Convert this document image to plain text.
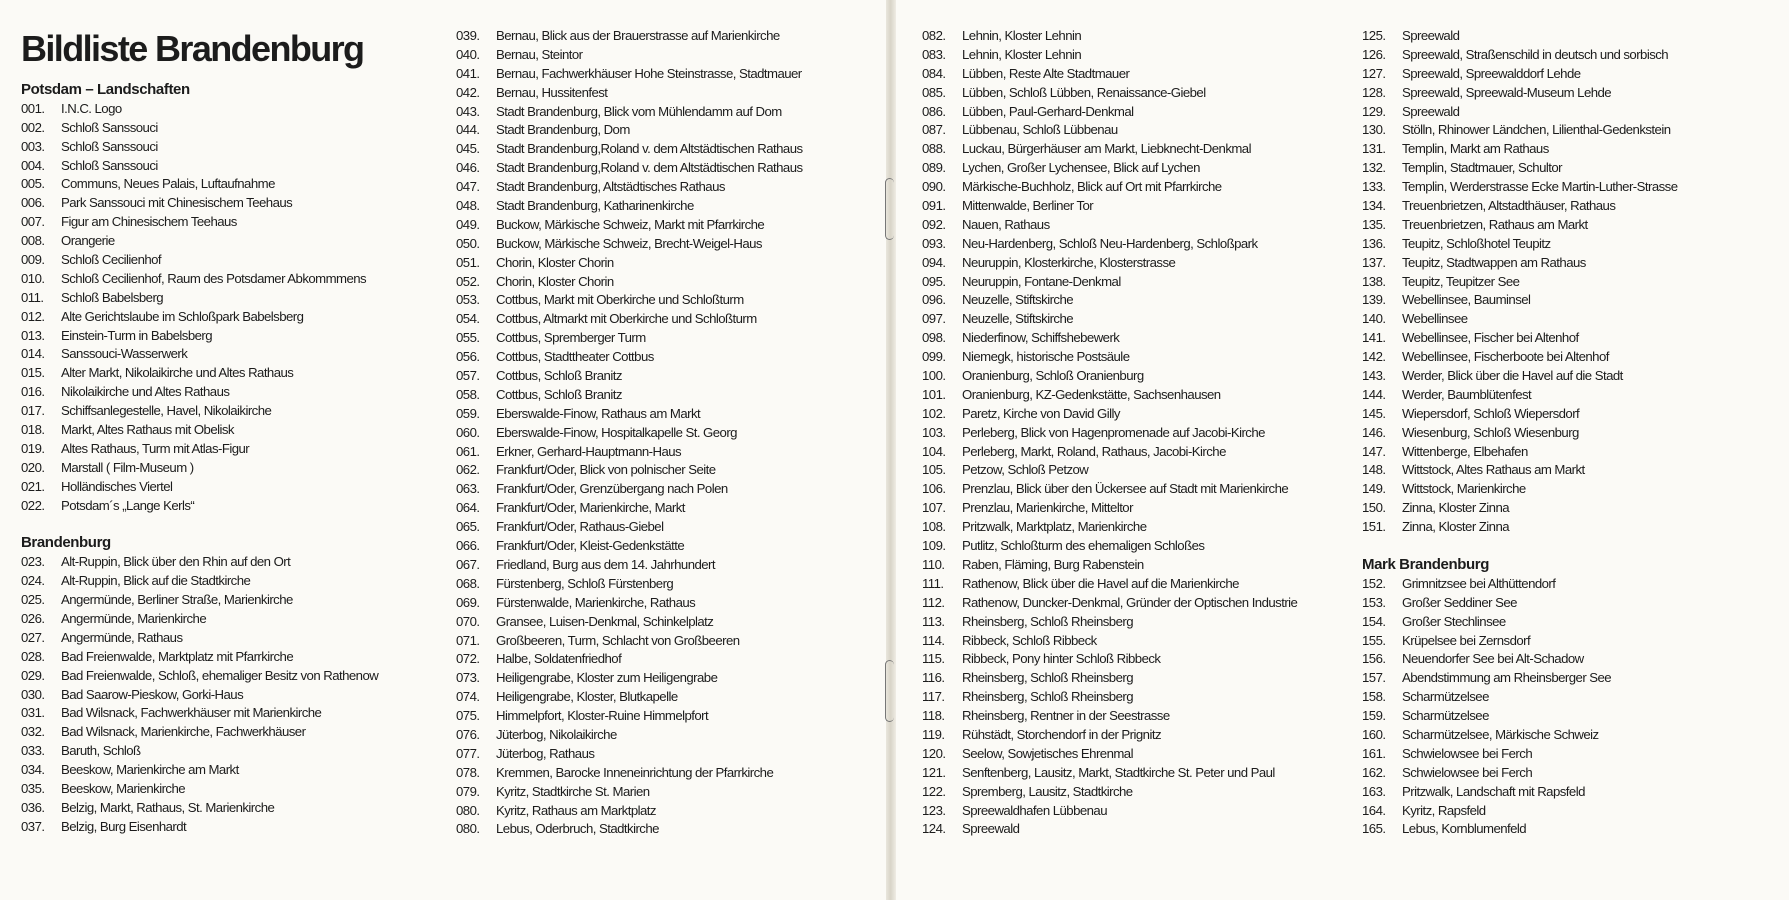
Bildliste Brandenburg
Potsdam – Landschaften
001.	I.N.C. Logo
002.	Schloß Sanssouci
003.	Schloß Sanssouci
004.	Schloß Sanssouci
005.	Communs, Neues Palais, Luftaufnahme
006.	Park Sanssouci mit Chinesischem Teehaus
007.	Figur am Chinesischem Teehaus
008.	Orangerie
009.	Schloß Cecilienhof
010.	Schloß Cecilienhof, Raum des Potsdamer Abkommmens
011.	Schloß Babelsberg
012.	Alte Gerichtslaube im Schloßpark Babelsberg
013.	Einstein-Turm in Babelsberg
014.	Sanssouci-Wasserwerk
015.	Alter Markt, Nikolaikirche und Altes Rathaus
016.	Nikolaikirche und Altes Rathaus
017.	Schiffsanlegestelle, Havel, Nikolaikirche
018.	Markt, Altes Rathaus mit Obelisk
019.	Altes Rathaus, Turm mit Atlas-Figur
020.	Marstall ( Film-Museum )
021.	Holländisches Viertel
022.	Potsdam´s „Lange Kerls“
Brandenburg
023.	Alt-Ruppin, Blick über den Rhin auf den Ort
024.	Alt-Ruppin, Blick auf die Stadtkirche
025.	Angermünde, Berliner Straße, Marienkirche
026.	Angermünde, Marienkirche
027.	Angermünde, Rathaus
028.	Bad Freienwalde, Marktplatz mit Pfarrkirche
029.	Bad Freienwalde, Schloß, ehemaliger Besitz von Rathenow
030.	Bad Saarow-Pieskow, Gorki-Haus
031.	Bad Wilsnack, Fachwerkhäuser mit Marienkirche
032.	Bad Wilsnack, Marienkirche, Fachwerkhäuser
033.	Baruth, Schloß
034.	Beeskow, Marienkirche am Markt
035.	Beeskow, Marienkirche
036.	Belzig, Markt, Rathaus, St. Marienkirche
037.	Belzig, Burg Eisenhardt
039.	Bernau, Blick aus der Brauerstrasse auf Marienkirche
040.	Bernau, Steintor
041.	Bernau, Fachwerkhäuser Hohe Steinstrasse, Stadtmauer
042.	Bernau, Hussitenfest
043.	Stadt Brandenburg, Blick vom Mühlendamm auf Dom
044.	Stadt Brandenburg, Dom
045.	Stadt Brandenburg,Roland v. dem Altstädtischen Rathaus
046.	Stadt Brandenburg,Roland v. dem Altstädtischen Rathaus
047.	Stadt Brandenburg, Altstädtisches Rathaus
048.	Stadt Brandenburg, Katharinenkirche
049.	Buckow, Märkische Schweiz, Markt mit Pfarrkirche
050.	Buckow, Märkische Schweiz, Brecht-Weigel-Haus
051.	Chorin, Kloster Chorin
052.	Chorin, Kloster Chorin
053.	Cottbus, Markt mit Oberkirche und Schloßturm
054.	Cottbus, Altmarkt mit Oberkirche und Schloßturm
055.	Cottbus, Spremberger Turm
056.	Cottbus, Stadttheater Cottbus
057.	Cottbus, Schloß Branitz
058.	Cottbus, Schloß Branitz
059.	Eberswalde-Finow, Rathaus am Markt
060.	Eberswalde-Finow, Hospitalkapelle St. Georg
061.	Erkner, Gerhard-Hauptmann-Haus
062.	Frankfurt/Oder, Blick von polnischer Seite
063.	Frankfurt/Oder, Grenzübergang nach Polen
064.	Frankfurt/Oder, Marienkirche, Markt
065.	Frankfurt/Oder, Rathaus-Giebel
066.	Frankfurt/Oder, Kleist-Gedenkstätte
067.	Friedland, Burg aus dem 14. Jahrhundert
068.	Fürstenberg, Schloß Fürstenberg
069.	Fürstenwalde, Marienkirche, Rathaus
070.	Gransee, Luisen-Denkmal, Schinkelplatz
071.	Großbeeren, Turm, Schlacht von Großbeeren
072.	Halbe, Soldatenfriedhof
073.	Heiligengrabe, Kloster zum Heiligengrabe
074.	Heiligengrabe, Kloster, Blutkapelle
075.	Himmelpfort, Kloster-Ruine Himmelpfort
076.	Jüterbog, Nikolaikirche
077.	Jüterbog, Rathaus
078.	Kremmen, Barocke Inneneinrichtung der Pfarrkirche
079.	Kyritz, Stadtkirche St. Marien
080.	Kyritz, Rathaus am Marktplatz
080.	Lebus, Oderbruch, Stadtkirche
082.	Lehnin, Kloster Lehnin
083.	Lehnin, Kloster Lehnin
084.	Lübben, Reste Alte Stadtmauer
085.	Lübben, Schloß Lübben, Renaissance-Giebel
086.	Lübben, Paul-Gerhard-Denkmal
087.	Lübbenau, Schloß Lübbenau
088.	Luckau, Bürgerhäuser am Markt, Liebknecht-Denkmal
089.	Lychen, Großer Lychensee, Blick auf Lychen
090.	Märkische-Buchholz, Blick auf Ort mit Pfarrkirche
091.	Mittenwalde, Berliner Tor
092.	Nauen, Rathaus
093.	Neu-Hardenberg, Schloß Neu-Hardenberg, Schloßpark
094.	Neuruppin, Klosterkirche, Klosterstrasse
095.	Neuruppin, Fontane-Denkmal
096.	Neuzelle, Stiftskirche
097.	Neuzelle, Stiftskirche
098.	Niederfinow, Schiffshebewerk
099.	Niemegk, historische Postsäule
100.	Oranienburg, Schloß Oranienburg
101.	Oranienburg, KZ-Gedenkstätte, Sachsenhausen
102.	Paretz, Kirche von David Gilly
103.	Perleberg, Blick von Hagenpromenade auf Jacobi-Kirche
104.	Perleberg, Markt, Roland, Rathaus, Jacobi-Kirche
105.	Petzow, Schloß Petzow
106.	Prenzlau, Blick über den Ückersee auf Stadt mit Marienkirche
107.	Prenzlau, Marienkirche, Mitteltor
108.	Pritzwalk, Marktplatz, Marienkirche
109.	Putlitz, Schloßturm des ehemaligen Schloßes
110.	Raben, Fläming, Burg Rabenstein
111.	Rathenow, Blick über die Havel auf die Marienkirche
112.	Rathenow, Duncker-Denkmal, Gründer der Optischen Industrie
113.	Rheinsberg, Schloß Rheinsberg
114.	Ribbeck, Schloß Ribbeck
115.	Ribbeck, Pony hinter Schloß Ribbeck
116.	Rheinsberg, Schloß Rheinsberg
117.	Rheinsberg, Schloß Rheinsberg
118.	Rheinsberg, Rentner in der Seestrasse
119.	Rühstädt, Storchendorf in der Prignitz
120.	Seelow, Sowjetisches Ehrenmal
121.	Senftenberg, Lausitz, Markt, Stadtkirche St. Peter und Paul
122.	Spremberg, Lausitz, Stadtkirche
123.	Spreewaldhafen Lübbenau
124.	Spreewald
125.	Spreewald
126.	Spreewald, Straßenschild in deutsch und sorbisch
127.	Spreewald, Spreewalddorf Lehde
128.	Spreewald, Spreewald-Museum Lehde
129.	Spreewald
130.	Stölln, Rhinower Ländchen, Lilienthal-Gedenkstein
131.	Templin, Markt am Rathaus
132.	Templin, Stadtmauer, Schultor
133.	Templin, Werderstrasse Ecke Martin-Luther-Strasse
134.	Treuenbrietzen, Altstadthäuser, Rathaus
135.	Treuenbrietzen, Rathaus am Markt
136.	Teupitz, Schloßhotel Teupitz
137.	Teupitz, Stadtwappen am Rathaus
138.	Teupitz, Teupitzer See
139.	Webellinsee, Bauminsel
140.	Webellinsee
141.	Webellinsee, Fischer bei Altenhof
142.	Webellinsee, Fischerboote bei Altenhof
143.	Werder, Blick über die Havel auf die Stadt
144.	Werder, Baumblütenfest
145.	Wiepersdorf, Schloß Wiepersdorf
146.	Wiesenburg, Schloß Wiesenburg
147.	Wittenberge, Elbehafen
148.	Wittstock, Altes Rathaus am Markt
149.	Wittstock, Marienkirche
150.	Zinna, Kloster Zinna
151.	Zinna, Kloster Zinna
Mark Brandenburg
152.	Grimnitzsee bei Althüttendorf
153.	Großer Seddiner See
154.	Großer Stechlinsee
155.	Krüpelsee bei Zernsdorf
156.	Neuendorfer See bei Alt-Schadow
157.	Abendstimmung am Rheinsberger See
158.	Scharmützelsee
159.	Scharmützelsee
160.	Scharmützelsee, Märkische Schweiz
161.	Schwielowsee bei Ferch
162.	Schwielowsee bei Ferch
163.	Pritzwalk, Landschaft mit Rapsfeld
164.	Kyritz, Rapsfeld
165.	Lebus, Kornblumenfeld
